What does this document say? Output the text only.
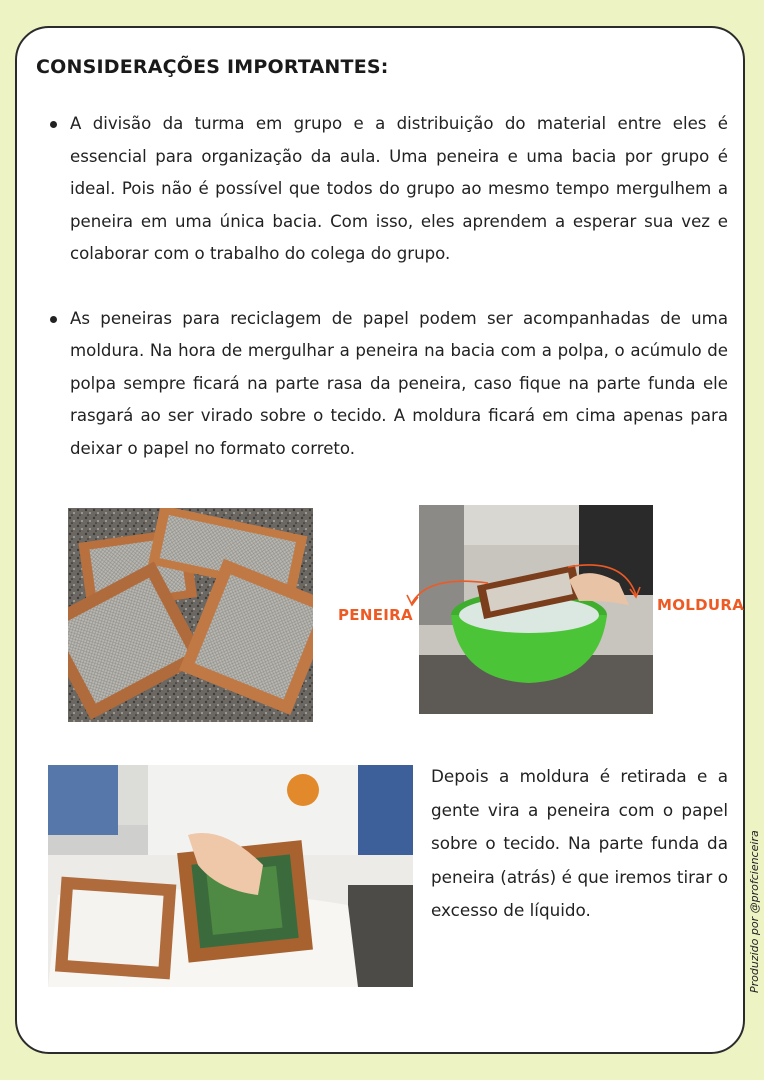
CONSIDERAÇÕES IMPORTANTES:
A divisão da turma em grupo e a distribuição do material entre eles é essencial para organização da aula. Uma peneira e uma bacia por grupo é ideal. Pois não é possível que todos do grupo ao mesmo tempo mergulhem a peneira em uma única bacia. Com isso, eles aprendem a esperar sua vez e colaborar com o trabalho do colega do grupo.
As peneiras para reciclagem de papel podem ser acompanhadas de uma moldura. Na hora de mergulhar a peneira na bacia com a polpa, o acúmulo de polpa sempre ficará na parte rasa da peneira, caso fique na parte funda ele rasgará ao ser virado sobre o tecido. A moldura ficará em cima apenas para deixar o papel no formato correto.
PENEIRA
MOLDURA
Depois a moldura é retirada e a gente vira a peneira com o papel sobre o tecido. Na parte funda da peneira (atrás) é que iremos tirar o excesso de líquido.	Produzido por @profcienceira
